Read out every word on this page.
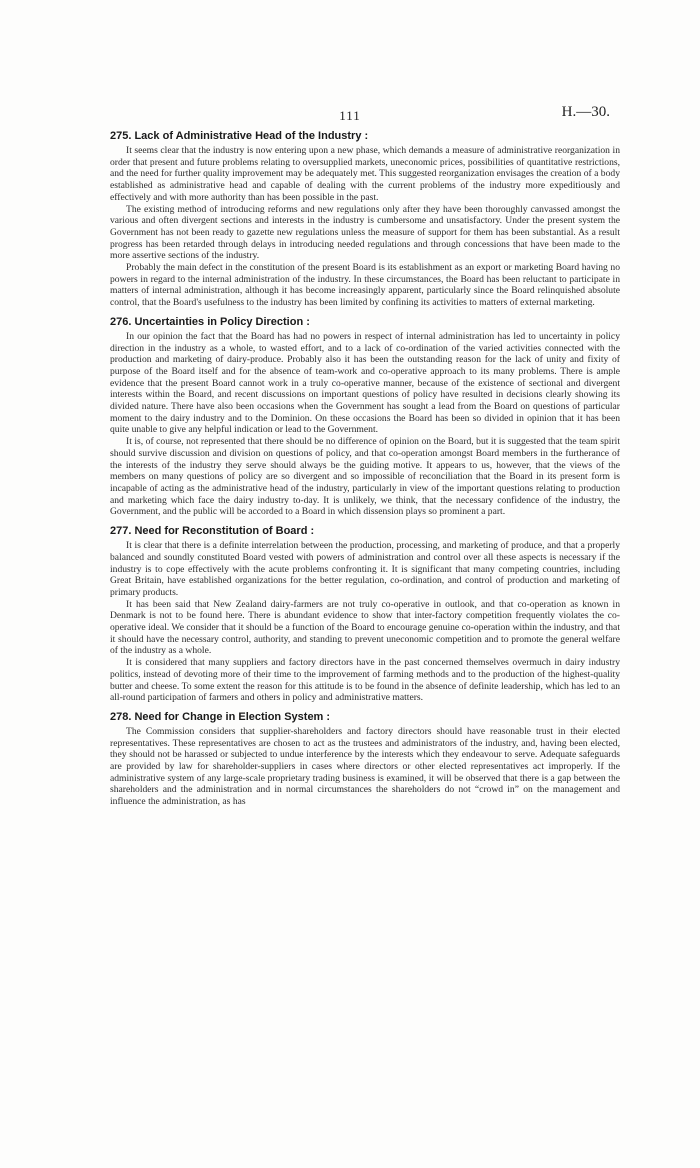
111	H.—30.
275. Lack of Administrative Head of the Industry :

It seems clear that the industry is now entering upon a new phase, which demands a measure of administrative reorganization in order that present and future problems relating to oversupplied markets, uneconomic prices, possibilities of quantitative restrictions, and the need for further quality improvement may be adequately met. This suggested reorganization envisages the creation of a body established as administrative head and capable of dealing with the current problems of the industry more expeditiously and effectively and with more authority than has been possible in the past.

The existing method of introducing reforms and new regulations only after they have been thoroughly canvassed amongst the various and often divergent sections and interests in the industry is cumbersome and unsatisfactory. Under the present system the Government has not been ready to gazette new regulations unless the measure of support for them has been substantial. As a result progress has been retarded through delays in introducing needed regulations and through concessions that have been made to the more assertive sections of the industry.

Probably the main defect in the constitution of the present Board is its establishment as an export or marketing Board having no powers in regard to the internal administration of the industry. In these circumstances, the Board has been reluctant to participate in matters of internal administration, although it has become increasingly apparent, particularly since the Board relinquished absolute control, that the Board's usefulness to the industry has been limited by confining its activities to matters of external marketing.

276. Uncertainties in Policy Direction :

In our opinion the fact that the Board has had no powers in respect of internal administration has led to uncertainty in policy direction in the industry as a whole, to wasted effort, and to a lack of co-ordination of the varied activities connected with the production and marketing of dairy-produce. Probably also it has been the outstanding reason for the lack of unity and fixity of purpose of the Board itself and for the absence of team-work and co-operative approach to its many problems. There is ample evidence that the present Board cannot work in a truly co-operative manner, because of the existence of sectional and divergent interests within the Board, and recent discussions on important questions of policy have resulted in decisions clearly showing its divided nature. There have also been occasions when the Government has sought a lead from the Board on questions of particular moment to the dairy industry and to the Dominion. On these occasions the Board has been so divided in opinion that it has been quite unable to give any helpful indication or lead to the Government.

It is, of course, not represented that there should be no difference of opinion on the Board, but it is suggested that the team spirit should survive discussion and division on questions of policy, and that co-operation amongst Board members in the furtherance of the interests of the industry they serve should always be the guiding motive. It appears to us, however, that the views of the members on many questions of policy are so divergent and so impossible of reconciliation that the Board in its present form is incapable of acting as the administrative head of the industry, particularly in view of the important questions relating to production and marketing which face the dairy industry to-day. It is unlikely, we think, that the necessary confidence of the industry, the Government, and the public will be accorded to a Board in which dissension plays so prominent a part.

277. Need for Reconstitution of Board :

It is clear that there is a definite interrelation between the production, processing, and marketing of produce, and that a properly balanced and soundly constituted Board vested with powers of administration and control over all these aspects is necessary if the industry is to cope effectively with the acute problems confronting it. It is significant that many competing countries, including Great Britain, have established organizations for the better regulation, co-ordination, and control of production and marketing of primary products.

It has been said that New Zealand dairy-farmers are not truly co-operative in outlook, and that co-operation as known in Denmark is not to be found here. There is abundant evidence to show that inter-factory competition frequently violates the co-operative ideal. We consider that it should be a function of the Board to encourage genuine co-operation within the industry, and that it should have the necessary control, authority, and standing to prevent uneconomic competition and to promote the general welfare of the industry as a whole.

It is considered that many suppliers and factory directors have in the past concerned themselves overmuch in dairy industry politics, instead of devoting more of their time to the improvement of farming methods and to the production of the highest-quality butter and cheese. To some extent the reason for this attitude is to be found in the absence of definite leadership, which has led to an all-round participation of farmers and others in policy and administrative matters.

278. Need for Change in Election System :

The Commission considers that supplier-shareholders and factory directors should have reasonable trust in their elected representatives. These representatives are chosen to act as the trustees and administrators of the industry, and, having been elected, they should not be harassed or subjected to undue interference by the interests which they endeavour to serve. Adequate safeguards are provided by law for shareholder-suppliers in cases where directors or other elected representatives act improperly. If the administrative system of any large-scale proprietary trading business is examined, it will be observed that there is a gap between the shareholders and the administration and in normal circumstances the shareholders do not “crowd in” on the management and influence the administration, as has
